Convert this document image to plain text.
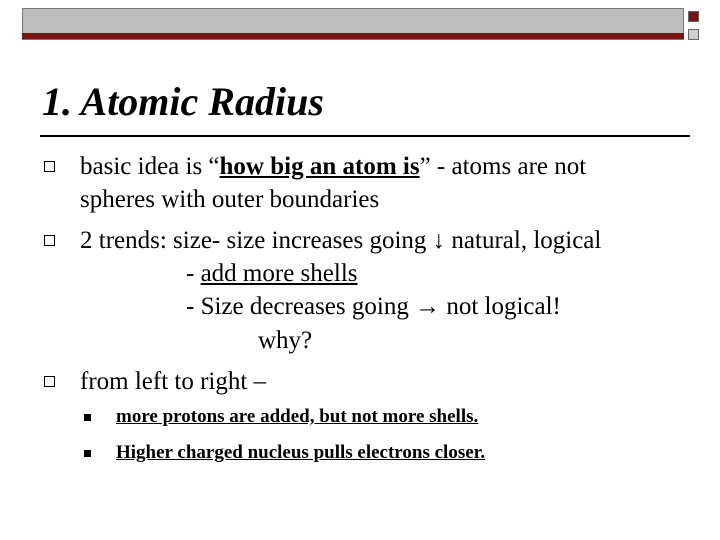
1. Atomic Radius
basic idea is “how big an atom is” - atoms are not
spheres with outer boundaries
2 trends: size- size increases going ↓ natural, logical
- add more shells
- Size decreases going → not logical!
why?
from left to right –
more protons are added, but not more shells.
Higher charged nucleus pulls electrons closer.
